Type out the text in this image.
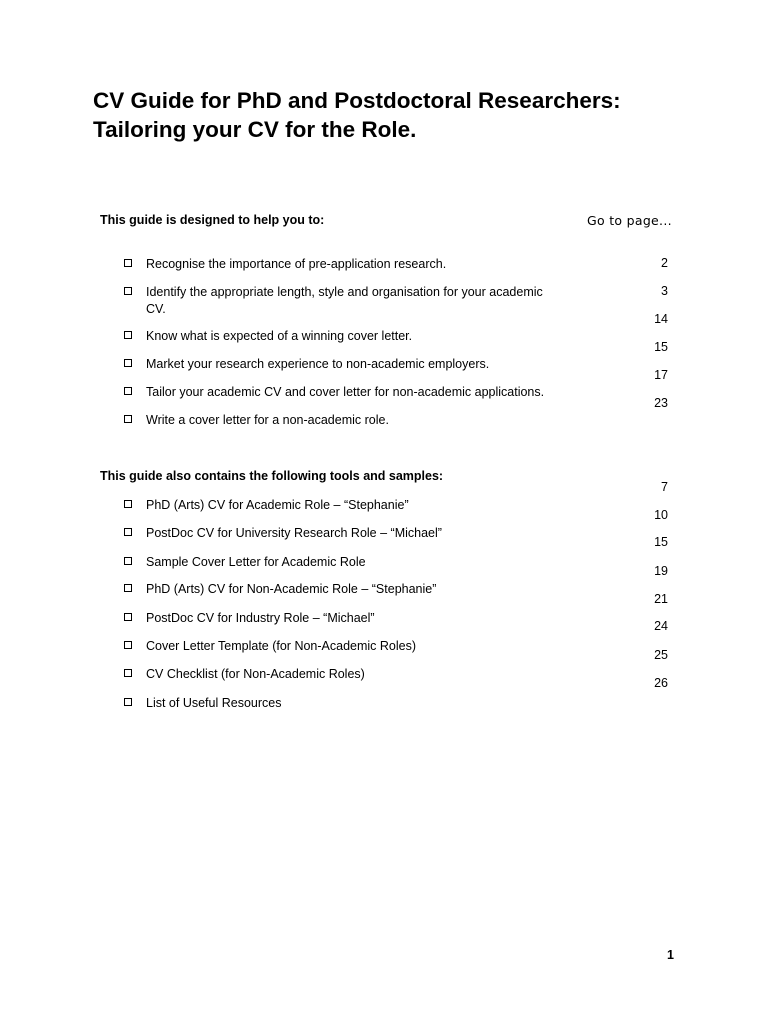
CV Guide for PhD and Postdoctoral Researchers:
Tailoring your CV for the Role.

This guide is designed to help you to:	Go to page...
Recognise the importance of pre-application research.
Identify the appropriate length, style and organisation for your academic CV.
Know what is expected of a winning cover letter.
Market your research experience to non-academic employers.
Tailor your academic CV and cover letter for non-academic applications.
Write a cover letter for a non-academic role.
2
3
14
15
17
23

This guide also contains the following tools and samples:

PhD (Arts) CV for Academic Role – “Stephanie”
PostDoc CV for University Research Role – “Michael”
Sample Cover Letter for Academic Role
PhD (Arts) CV for Non-Academic Role – “Stephanie”
PostDoc CV for Industry Role – “Michael”
Cover Letter Template (for Non-Academic Roles)
CV Checklist (for Non-Academic Roles)
List of Useful Resources
7
10
15
19
21
24
25
26
1
